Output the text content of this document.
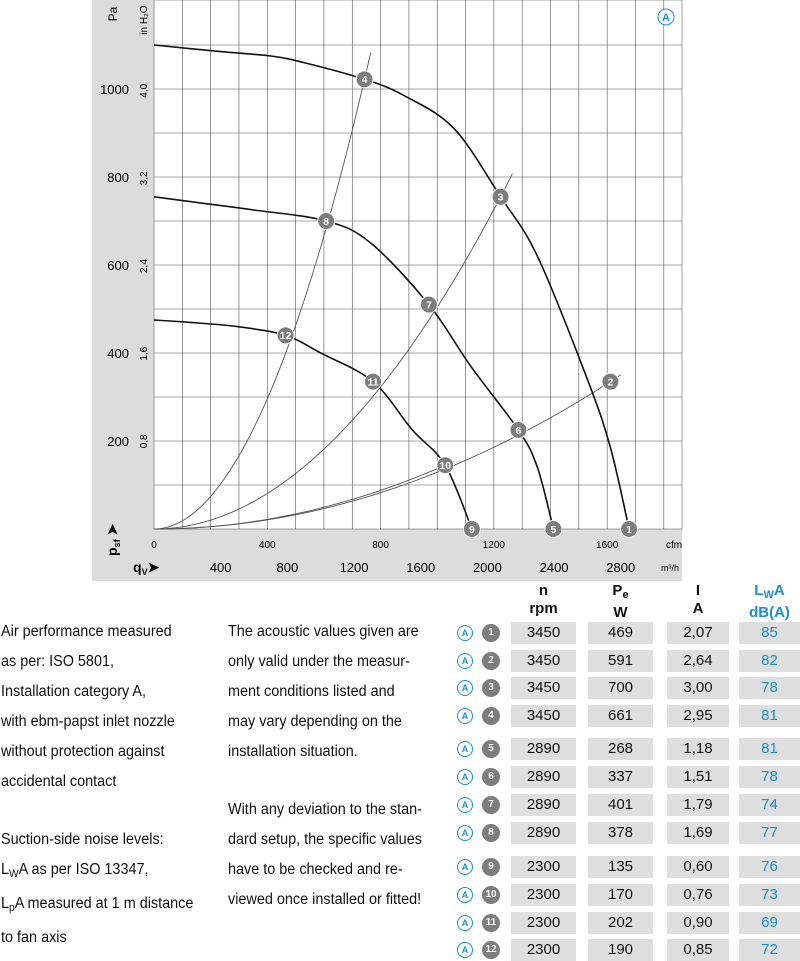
200
400
600
800
1000
0,8
1,6
2,4
3,2
4,0
0	400	800	1200	1600
400	800	1200	1600	2000	2400	2800
Pa in H₂O
cfm
m³/h
$p_{sf}$ ➤
$q_V➤$
A
1
2
3
4
5
6
7
8
9
10
11
12
Air performance measured
as per: ISO 5801,
Installation category A,
with ebm-papst inlet nozzle
without protection against
accidental contact
Suction-side noise levels:
$L_WA$ as per ISO 13347,
$L_pA$ measured at 1 m distance
to fan axis
The acoustic values given are
only valid under the measur-
ment conditions listed and
may vary depending on the
installation situation.
With any deviation to the stan-
dard setup, the specific values
have to be checked and re-
viewed once installed or fitted!
n
rpm
$P_e$
W
I
A
$L_WA$
dB(A)
A	1	3450	469	2,07	85
A	2	3450	591	2,64	82
A	3	3450	700	3,00	78
A	4	3450	661	2,95	81
A	5	2890	268	1,18	81
A	6	2890	337	1,51	78
A	7	2890	401	1,79	74
A	8	2890	378	1,69	77
A	9	2300	135	0,60	76
A	10	2300	170	0,76	73
A	11	2300	202	0,90	69
A	12	2300	190	0,85	72
